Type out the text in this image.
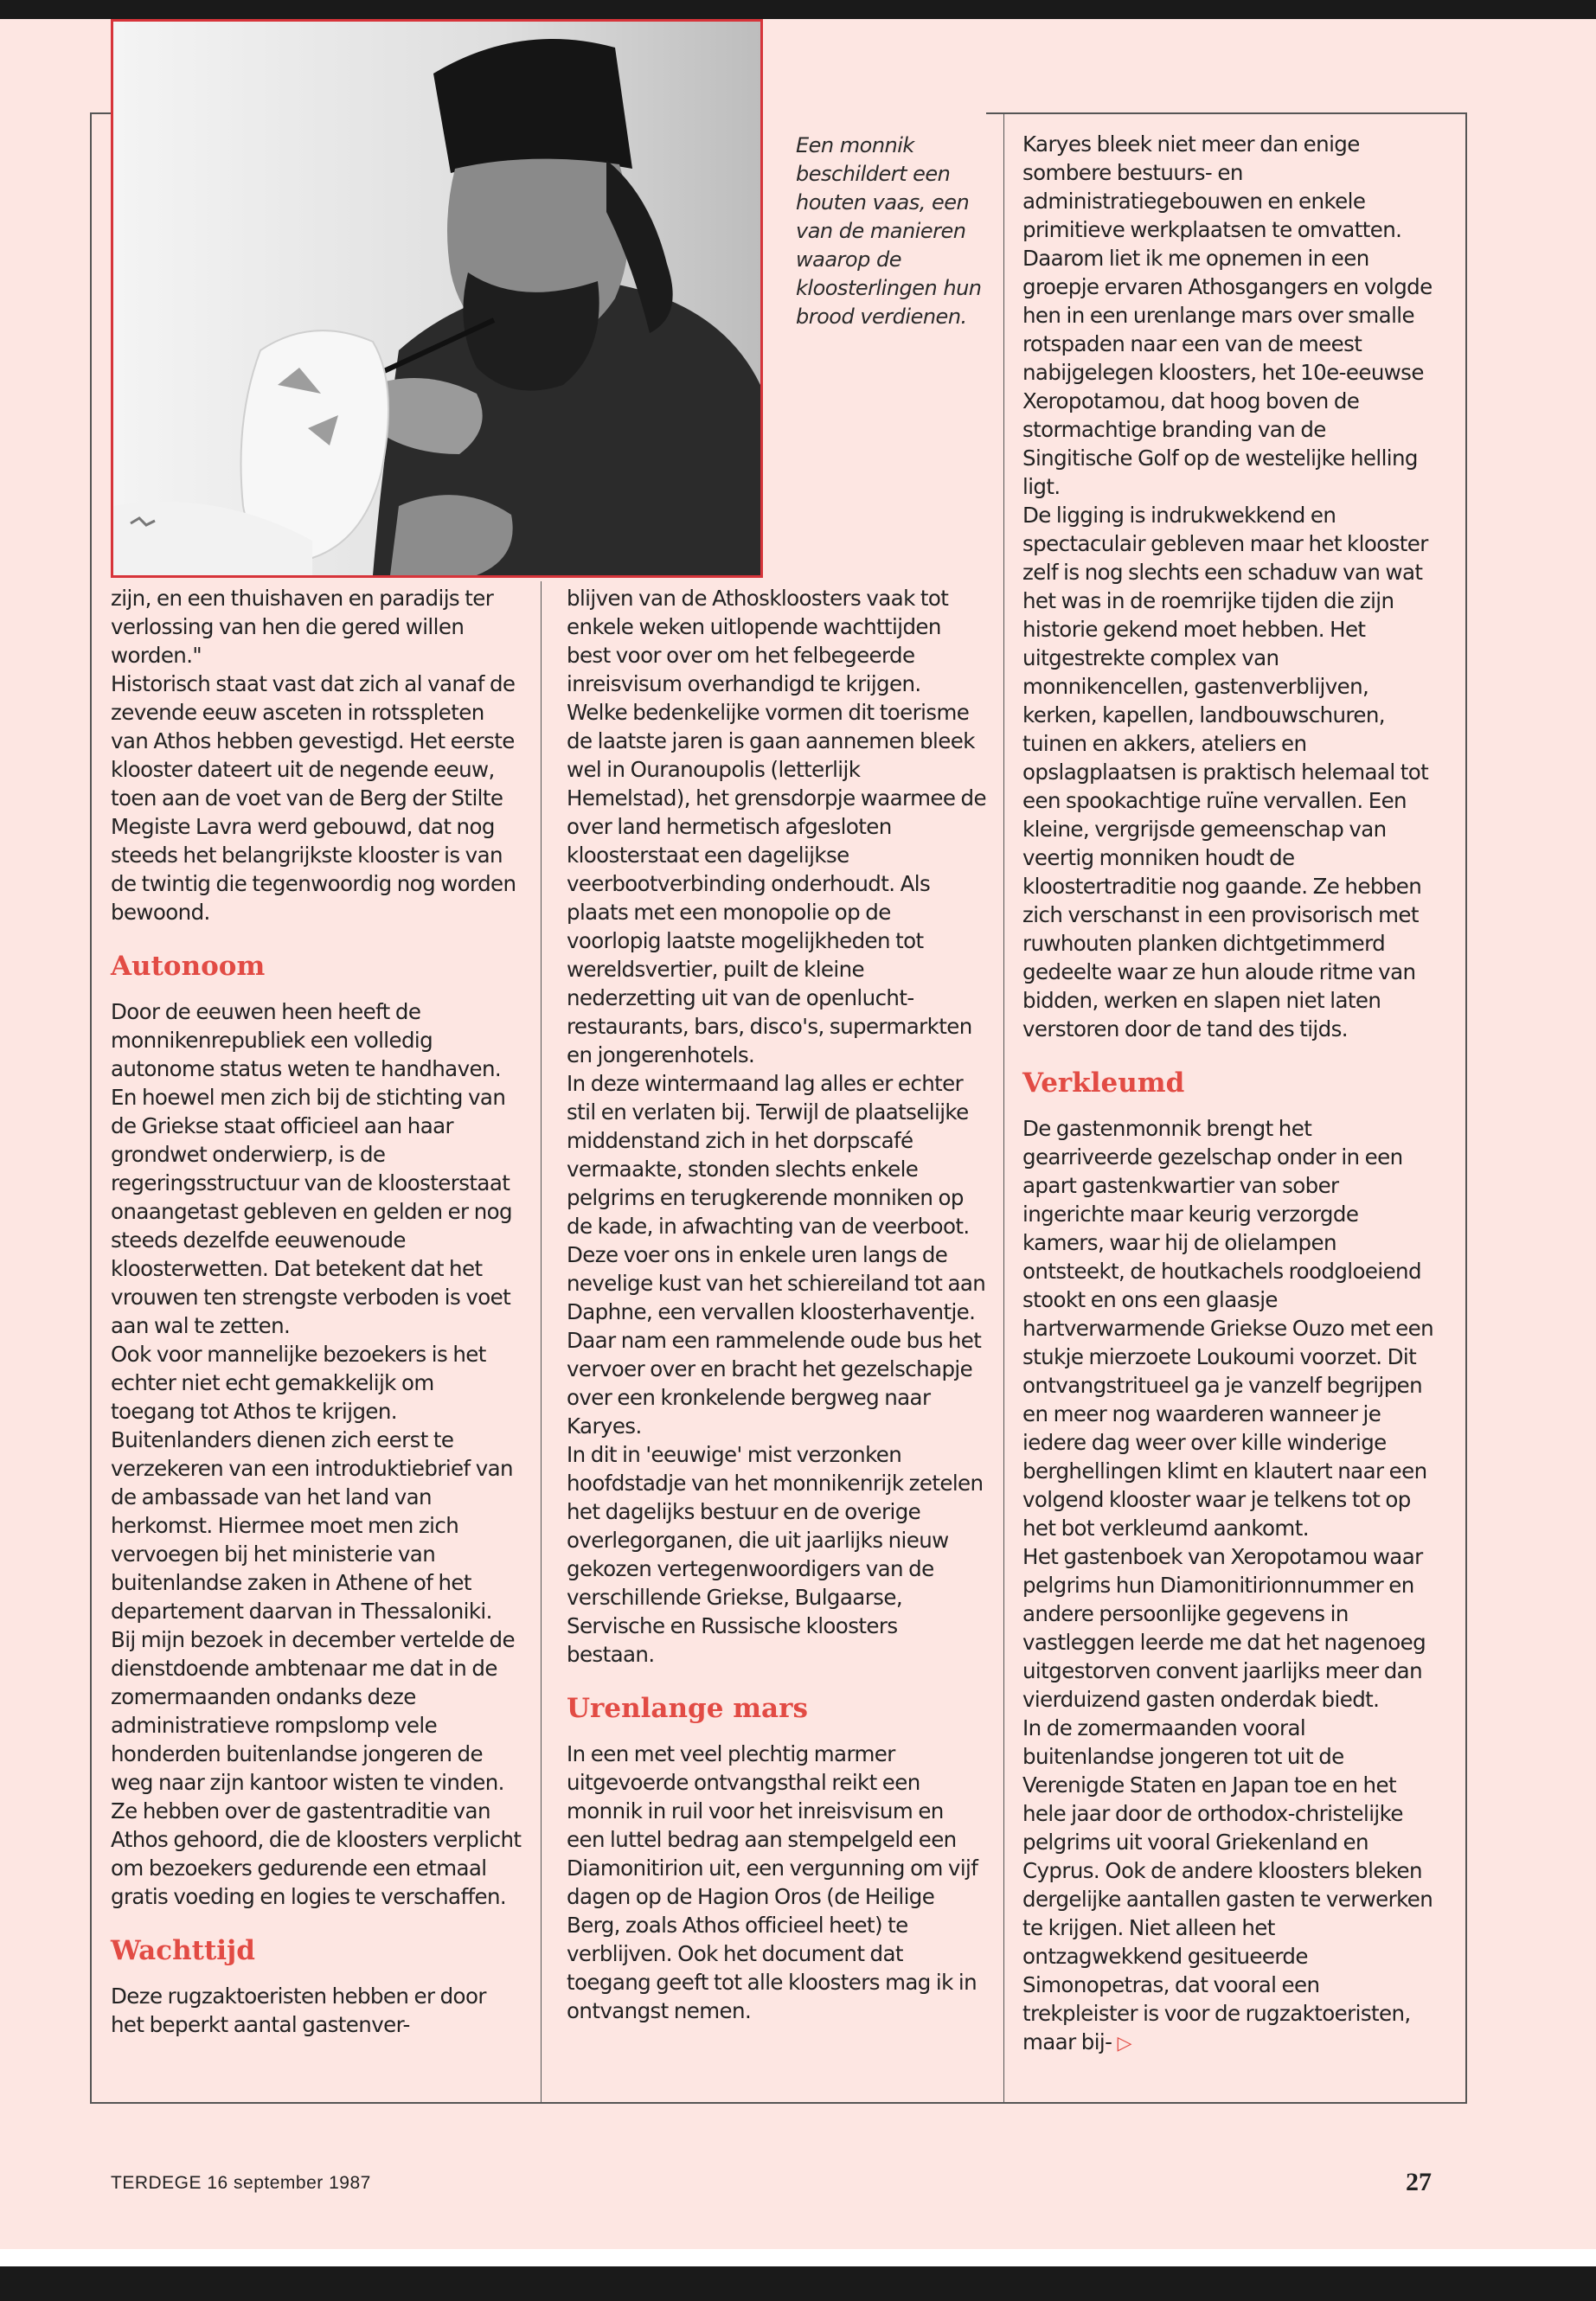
Een monnik beschildert een houten vaas, een van de manieren waarop de kloosterlingen hun brood verdienen.

zijn, en een thuishaven en paradijs ter verlossing van hen die gered willen worden."

Historisch staat vast dat zich al vanaf de zevende eeuw asceten in rotsspleten van Athos hebben gevestigd. Het eerste klooster dateert uit de negende eeuw, toen aan de voet van de Berg der Stilte Megiste Lavra werd gebouwd, dat nog steeds het belangrijkste klooster is van de twintig die tegenwoordig nog worden bewoond.

Autonoom

Door de eeuwen heen heeft de monnikenrepubliek een volledig autonome status weten te handhaven. En hoewel men zich bij de stichting van de Griekse staat officieel aan haar grondwet onderwierp, is de regeringsstructuur van de kloosterstaat onaangetast gebleven en gelden er nog steeds dezelfde eeuwenoude kloosterwetten. Dat betekent dat het vrouwen ten strengste verboden is voet aan wal te zetten.

Ook voor mannelijke bezoekers is het echter niet echt gemakkelijk om toegang tot Athos te krijgen. Buitenlanders dienen zich eerst te verzekeren van een introduktiebrief van de ambassade van het land van herkomst. Hiermee moet men zich vervoegen bij het ministerie van buitenlandse zaken in Athene of het departement daarvan in Thessaloniki. Bij mijn bezoek in december vertelde de dienstdoende ambtenaar me dat in de zomermaanden ondanks deze administratieve rompslomp vele honderden buitenlandse jongeren de weg naar zijn kantoor wisten te vinden. Ze hebben over de gastentraditie van Athos gehoord, die de kloosters verplicht om bezoekers gedurende een etmaal gratis voeding en logies te verschaffen.

Wachttijd

Deze rugzaktoeristen hebben er door het beperkt aantal gastenver-

blijven van de Athoskloosters vaak tot enkele weken uitlopende wachttijden best voor over om het felbegeerde inreisvisum overhandigd te krijgen.

Welke bedenkelijke vormen dit toerisme de laatste jaren is gaan aannemen bleek wel in Ouranoupolis (letterlijk Hemelstad), het grensdorpje waarmee de over land hermetisch afgesloten kloosterstaat een dagelijkse veerbootverbinding onderhoudt. Als plaats met een monopolie op de voorlopig laatste mogelijkheden tot wereldsvertier, puilt de kleine nederzetting uit van de openlucht-restaurants, bars, disco's, supermarkten en jongerenhotels.

In deze wintermaand lag alles er echter stil en verlaten bij. Terwijl de plaatselijke middenstand zich in het dorpscafé vermaakte, stonden slechts enkele pelgrims en terugkerende monniken op de kade, in afwachting van de veerboot.

Deze voer ons in enkele uren langs de nevelige kust van het schiereiland tot aan Daphne, een vervallen kloosterhaventje. Daar nam een rammelende oude bus het vervoer over en bracht het gezelschapje over een kronkelende bergweg naar Karyes.

In dit in 'eeuwige' mist verzonken hoofdstadje van het monnikenrijk zetelen het dagelijks bestuur en de overige overlegorganen, die uit jaarlijks nieuw gekozen vertegenwoordigers van de verschillende Griekse, Bulgaarse, Servische en Russische kloosters bestaan.

Urenlange mars

In een met veel plechtig marmer uitgevoerde ontvangsthal reikt een monnik in ruil voor het inreisvisum en een luttel bedrag aan stempelgeld een Diamonitirion uit, een vergunning om vijf dagen op de Hagion Oros (de Heilige Berg, zoals Athos officieel heet) te verblijven. Ook het document dat toegang geeft tot alle kloosters mag ik in ontvangst nemen.

Karyes bleek niet meer dan enige sombere bestuurs- en administratiegebouwen en enkele primitieve werkplaatsen te omvatten. Daarom liet ik me opnemen in een groepje ervaren Athosgangers en volgde hen in een urenlange mars over smalle rotspaden naar een van de meest nabijgelegen kloosters, het 10e-eeuwse Xeropotamou, dat hoog boven de stormachtige branding van de Singitische Golf op de westelijke helling ligt.

De ligging is indrukwekkend en spectaculair gebleven maar het klooster zelf is nog slechts een schaduw van wat het was in de roemrijke tijden die zijn historie gekend moet hebben. Het uitgestrekte complex van monnikencellen, gastenverblijven, kerken, kapellen, landbouwschuren, tuinen en akkers, ateliers en opslagplaatsen is praktisch helemaal tot een spookachtige ruïne vervallen. Een kleine, vergrijsde gemeenschap van veertig monniken houdt de kloostertraditie nog gaande. Ze hebben zich verschanst in een provisorisch met ruwhouten planken dichtgetimmerd gedeelte waar ze hun aloude ritme van bidden, werken en slapen niet laten verstoren door de tand des tijds.

Verkleumd

De gastenmonnik brengt het gearriveerde gezelschap onder in een apart gastenkwartier van sober ingerichte maar keurig verzorgde kamers, waar hij de olielampen ontsteekt, de houtkachels roodgloeiend stookt en ons een glaasje hartverwarmende Griekse Ouzo met een stukje mierzoete Loukoumi voorzet. Dit ontvangstritueel ga je vanzelf begrijpen en meer nog waarderen wanneer je iedere dag weer over kille winderige berghellingen klimt en klautert naar een volgend klooster waar je telkens tot op het bot verkleumd aankomt.

Het gastenboek van Xeropotamou waar pelgrims hun Diamonitirionnummer en andere persoonlijke gegevens in vastleggen leerde me dat het nagenoeg uitgestorven convent jaarlijks meer dan vierduizend gasten onderdak biedt.

In de zomermaanden vooral buitenlandse jongeren tot uit de Verenigde Staten en Japan toe en het hele jaar door de orthodox-christelijke pelgrims uit vooral Griekenland en Cyprus. Ook de andere kloosters bleken dergelijke aantallen gasten te verwerken te krijgen. Niet alleen het ontzagwekkend gesitueerde Simonopetras, dat vooral een trekpleister is voor de rugzaktoeristen, maar bij- ▷

TERDEGE 16 september 1987	27
